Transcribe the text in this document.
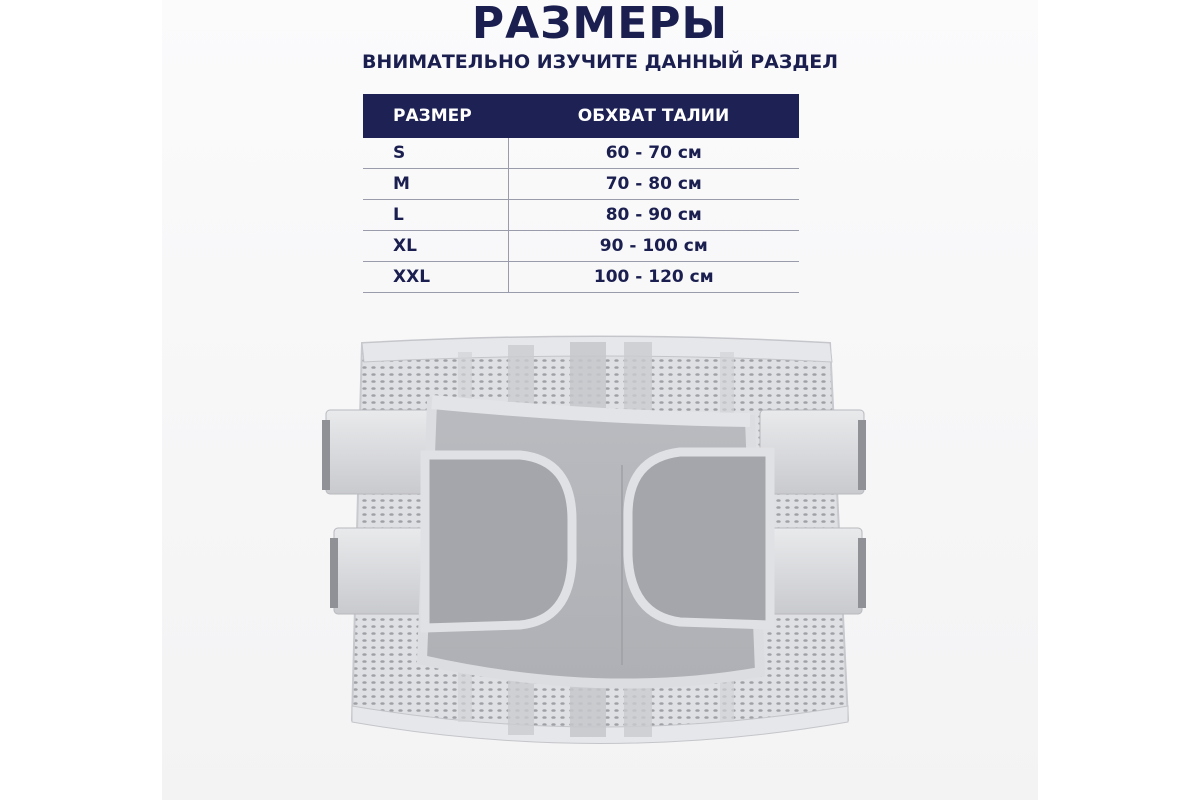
РАЗМЕРЫ
ВНИМАТЕЛЬНО ИЗУЧИТЕ ДАННЫЙ РАЗДЕЛ
РАЗМЕР	ОБХВАТ ТАЛИИ
S	60 - 70 см
M	70 - 80 см
L	80 - 90 см
XL	90 - 100 см
XXL	100 - 120 см
